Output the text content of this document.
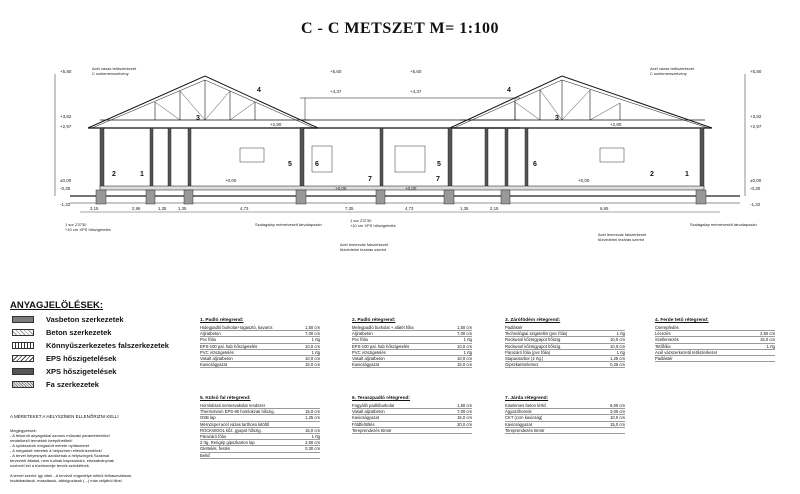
C - C METSZET M= 1:100
+5,80	+5,60	+5,60	+5,80
+4,37	+4,37
+3,82	+3,82
+2,97	+2,97
+2,80	+2,80
±0,00	±0,00
+0,00	+0,00
-0,30	-0,30
-1,32	-1,32
+0,00	+0,00
3,15	2,96	1,35	1,35	4,73	7,35	4,73	1,35	2,15	6,65
1
2
3
4
5	6
7	7
2
3
4
5	6
1
Acél vázas tetőszerkezet C szelemenszelvény
Acél vázas tetőszerkezet C szelemenszelvény
1 sor Z3730 +10 cm XPS hőszigetelés
1 sor Z3730 +10 cm XPS hőszigetelés
Szalagalap mérnéveséit tárvalaposán	Szalagalap mérnéveséit tárvalaposán
Acél lemezváz falszerkezet tűzvédelmi lezárás szerint
Acél lemezváz falszerkezet tűzvédelmi lezárás szerint
ANYAGJELÖLÉSEK:
Vasbeton szerkezetek
Beton szerkezetek
Könnyűszerkezetes falszerkezetek
EPS hőszigetelések
XPS hőszigetelések
Fa szerkezetek
A MÉRETEKET A HELYSZÍNEN ELLENŐRIZNI KELL!
Megjegyzések:
- A felsorolt anyagokkal azonos műszaki paraméterekkel
rendelkező termékek beépíthetőek!
- A nyílászárók megadott mérete nyílásméret
- A megadott méretek a helyszínen ellenőrizendőek!
- A tervet helyesnyek azokkénak a helyszíngek Szakmai
terveznél általad, nem tudnak kapcsolódni, elscsatványnak
szolvnél kel a tüzétomelje tervek szövkétnek.

A tervet szerint így vitek - A tervező engedélye nélkül felhasználásuk,
továbbadásuk, másolásuk, átdolgozásuk (...) más céljából tilos!
1. Padló rétegrend:
Hidegpadló burkolat+ragasztó, kavarcs	1,50 cm
Aljzatbeton	7,00 cm
Pvc fólia	1 rtg
EPS-100 pal. hab hőszigetelés	10,0 cm
PVC vízszigetelés	1 rtg
Vasalt aljzatbeton	10,0 cm
Kavicságyazat	15,0 cm
2. Padló rétegrend:
Melegpadló burkolat + alátét fólia	1,50 cm
Aljzatbeton	7,00 cm
Pvc fólia	1 rtg
EPS-100 pal. hab hőszigetelés	10,0 cm
PVC vízszigetelés	1 rtg
Vasalt aljzatbeton	10,0 cm
Kavicságyazat	15,0 cm
3. Zárófödém rétegrend:
Padlástér
Technológiai szigetelés (pvc fólia)	1 rtg
Rockwool kőzetgyapot hőszig.	10,0 cm
Rockwool kőzetgyapot hőszig.	10,0 cm
Párazáró fólia (pvc fólia)	1 rtg
Stapacsarbor (2 rtg.)	1,25 cm
Gipszkartonlemez	0,25 cm
4. Ferde tető rétegrend:
Cserepfedés
Lécezés	2,50 cm
Szellemezés	15,0 cm
Tetőfólia	1 rtg
Acél vázszerkezetű tetőszerkezet
Padlástér
5. Külső fal rétegrend:
Homlokzati nemesvakolat rendszer
Thermotvom EPS-80 homlokzati hőszig.	15,0 cm
OSB lap	1,25 cm
Mérnöcpet acél vázas tarthoso kitöltő
ROCKWOOL kőz. gyapot hőszig.	15,0 cm
Párazáró fólia	1 rtg
2 rtg. Rengép gipszkarton lap	2,50 cm
Glettelés, festés	0,30 cm
Belső
6. Teraszpadló rétegrend:
Fagyálló padlóburkolat	1,50 cm
Vasalt aljzatbeton	7,00 cm
Kavicságyazat	15,0 cm
Földfeltöltés	20,0 cm
Tereprendezés tömör
7. Járda rétegrend:
Kiselemes beton térkő	6,00 cm
Ágyazóhomok	3,00 cm
CKT (ccm kavicság)	10,0 cm
Kavicságyazat	15,0 cm
Tereprendezés tömör
